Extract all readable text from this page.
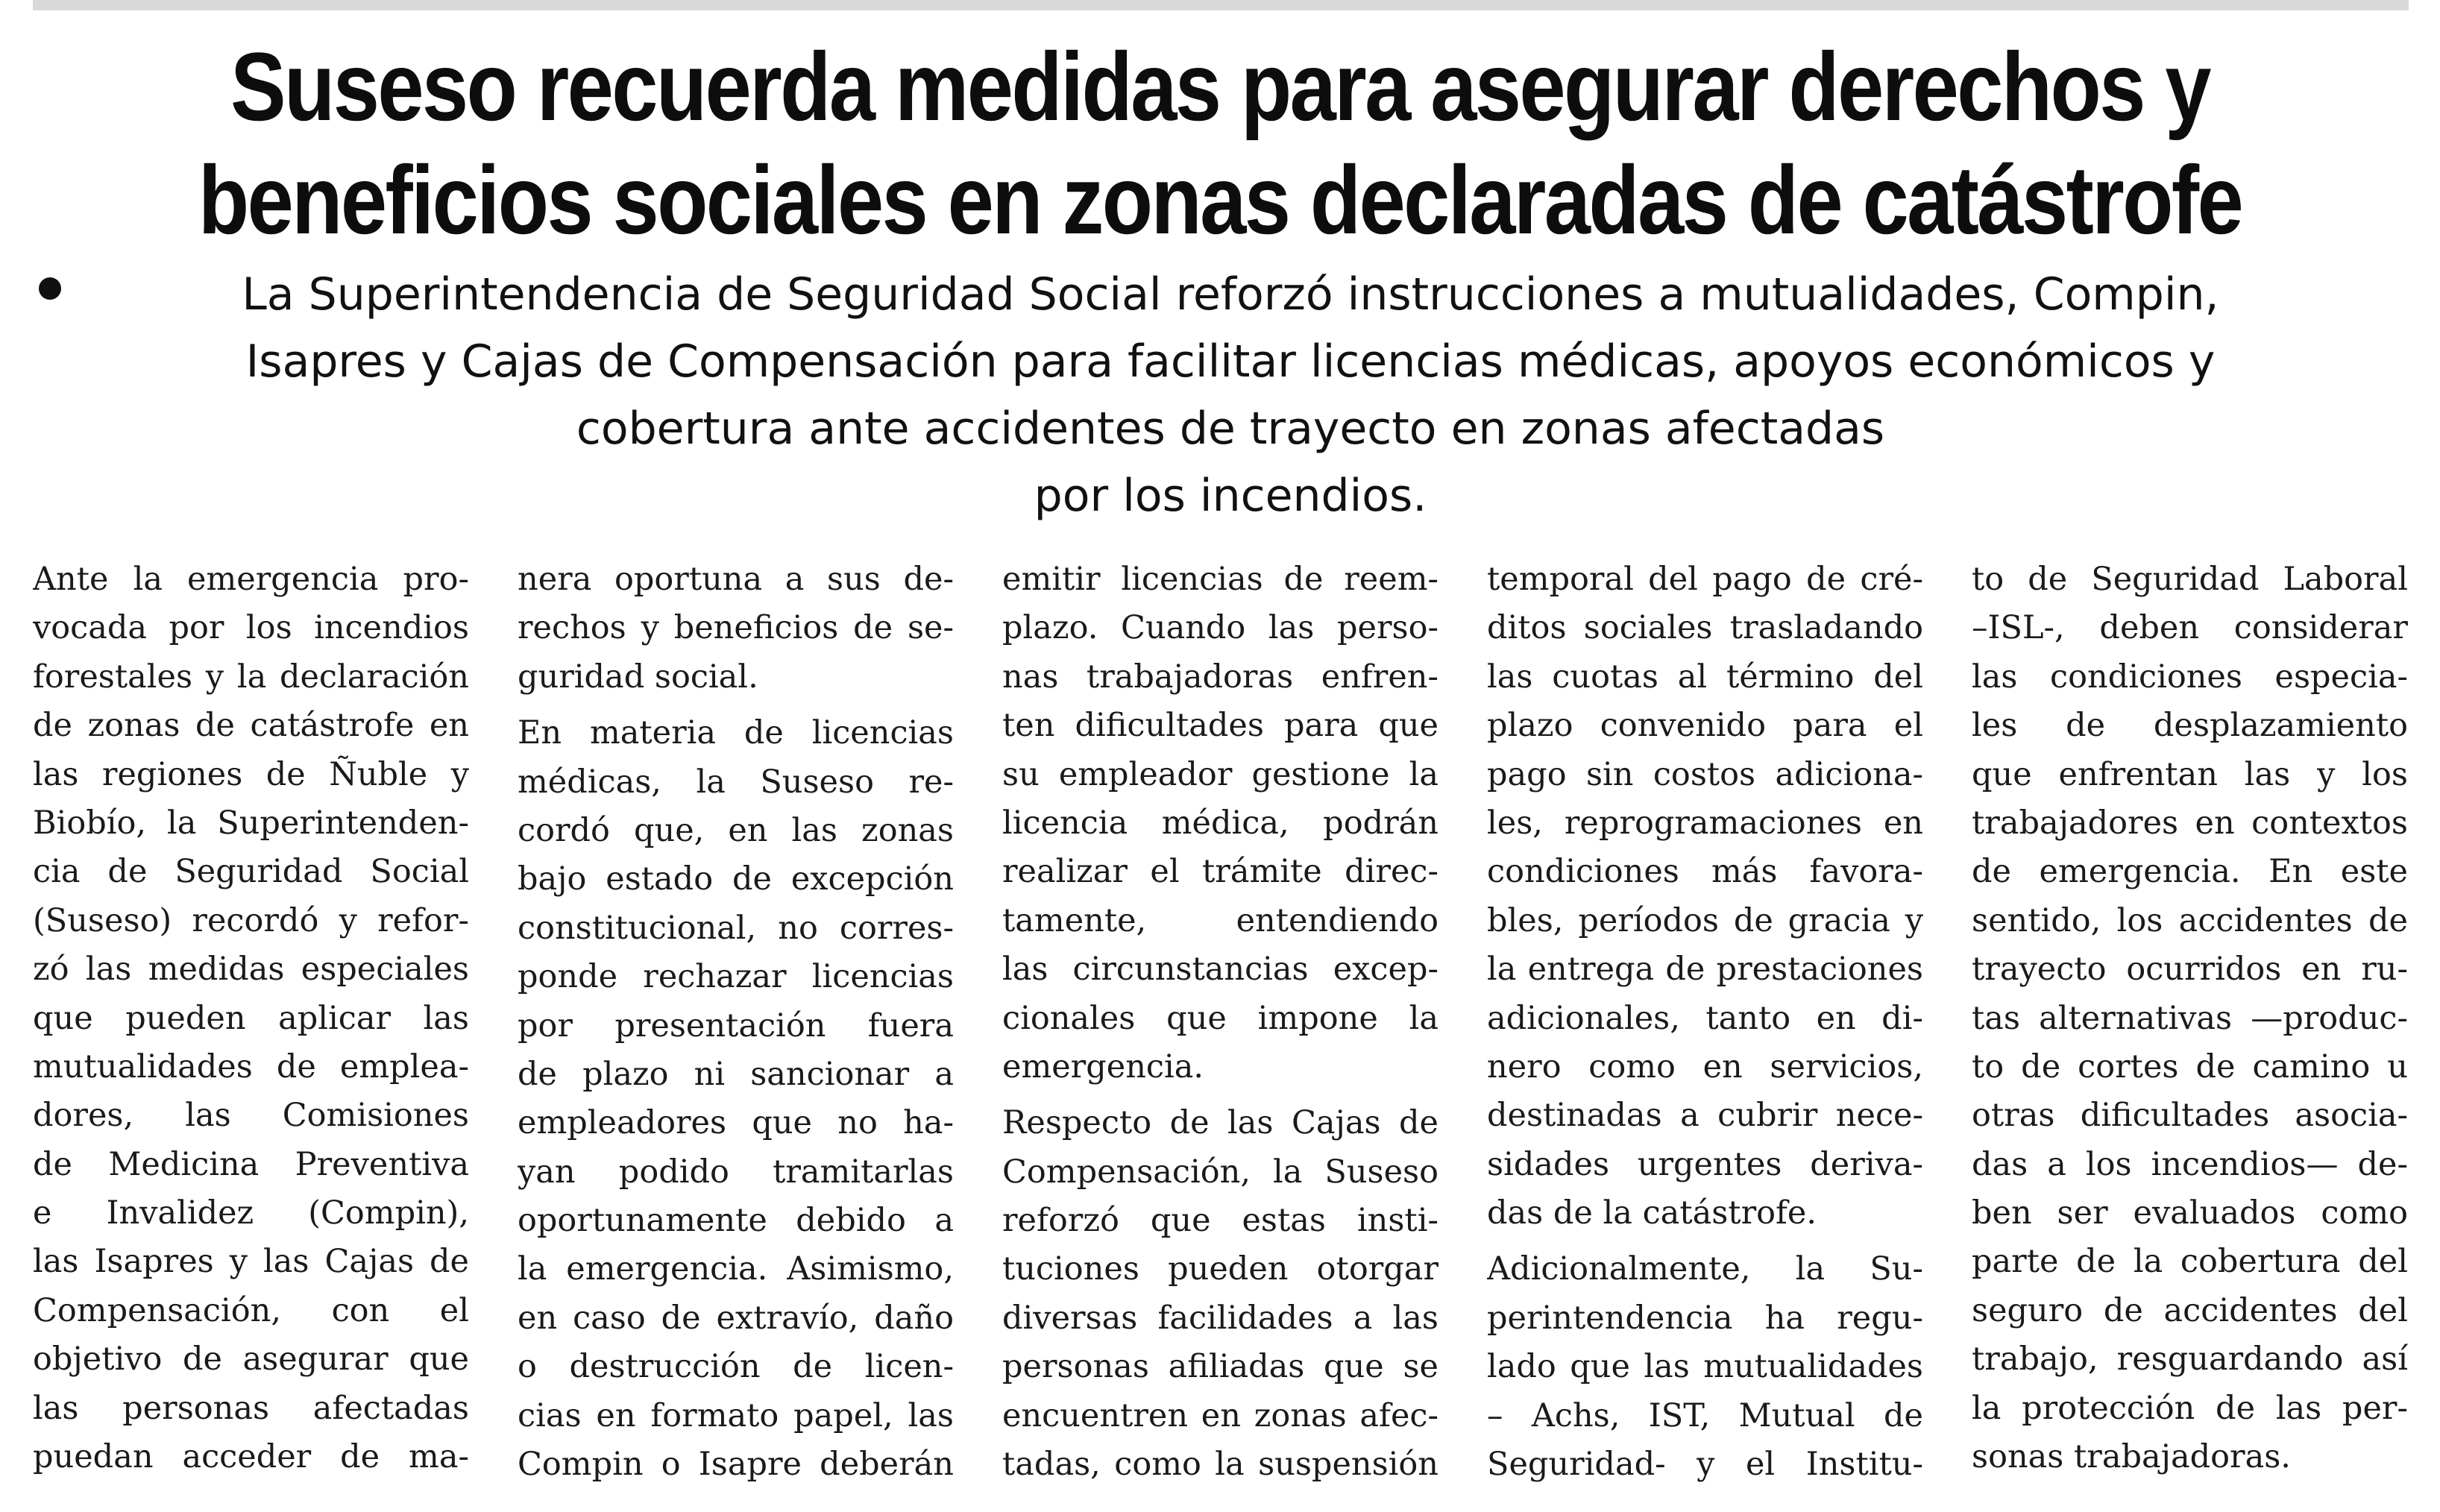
Suseso recuerda medidas para asegurar derechos y
beneficios sociales en zonas declaradas de catástrofe

La Superintendencia de Seguridad Social reforzó instrucciones a mutualidades, Compin,
Isapres y Cajas de Compensación para facilitar licencias médicas, apoyos económicos y
cobertura ante accidentes de trayecto en zonas afectadas
por los incendios.

Ante la emergencia pro-
vocada por los incendios
forestales y la declaración
de zonas de catástrofe en
las regiones de Ñuble y
Biobío, la Superintenden-
cia de Seguridad Social
(Suseso) recordó y refor-
zó las medidas especiales
que pueden aplicar las
mutualidades de emplea-
dores, las Comisiones
de Medicina Preventiva
e Invalidez (Compin),
las Isapres y las Cajas de
Compensación, con el
objetivo de asegurar que
las personas afectadas
puedan acceder de ma-
nera oportuna a sus de-
rechos y beneficios de se-
guridad social.
En materia de licencias
médicas, la Suseso re-
cordó que, en las zonas
bajo estado de excepción
constitucional, no corres-
ponde rechazar licencias
por presentación fuera
de plazo ni sancionar a
empleadores que no ha-
yan podido tramitarlas
oportunamente debido a
la emergencia. Asimismo,
en caso de extravío, daño
o destrucción de licen-
cias en formato papel, las
Compin o Isapre deberán
emitir licencias de reem-
plazo. Cuando las perso-
nas trabajadoras enfren-
ten dificultades para que
su empleador gestione la
licencia médica, podrán
realizar el trámite direc-
tamente, entendiendo
las circunstancias excep-
cionales que impone la
emergencia.
Respecto de las Cajas de
Compensación, la Suseso
reforzó que estas insti-
tuciones pueden otorgar
diversas facilidades a las
personas afiliadas que se
encuentren en zonas afec-
tadas, como la suspensión
temporal del pago de cré-
ditos sociales trasladando
las cuotas al término del
plazo convenido para el
pago sin costos adiciona-
les, reprogramaciones en
condiciones más favora-
bles, períodos de gracia y
la entrega de prestaciones
adicionales, tanto en di-
nero como en servicios,
destinadas a cubrir nece-
sidades urgentes deriva-
das de la catástrofe.
Adicionalmente, la Su-
perintendencia ha regu-
lado que las mutualidades
– Achs, IST, Mutual de
Seguridad- y el Institu-
to de Seguridad Laboral
–ISL-, deben considerar
las condiciones especia-
les de desplazamiento
que enfrentan las y los
trabajadores en contextos
de emergencia. En este
sentido, los accidentes de
trayecto ocurridos en ru-
tas alternativas —produc-
to de cortes de camino u
otras dificultades asocia-
das a los incendios— de-
ben ser evaluados como
parte de la cobertura del
seguro de accidentes del
trabajo, resguardando así
la protección de las per-
sonas trabajadoras.
